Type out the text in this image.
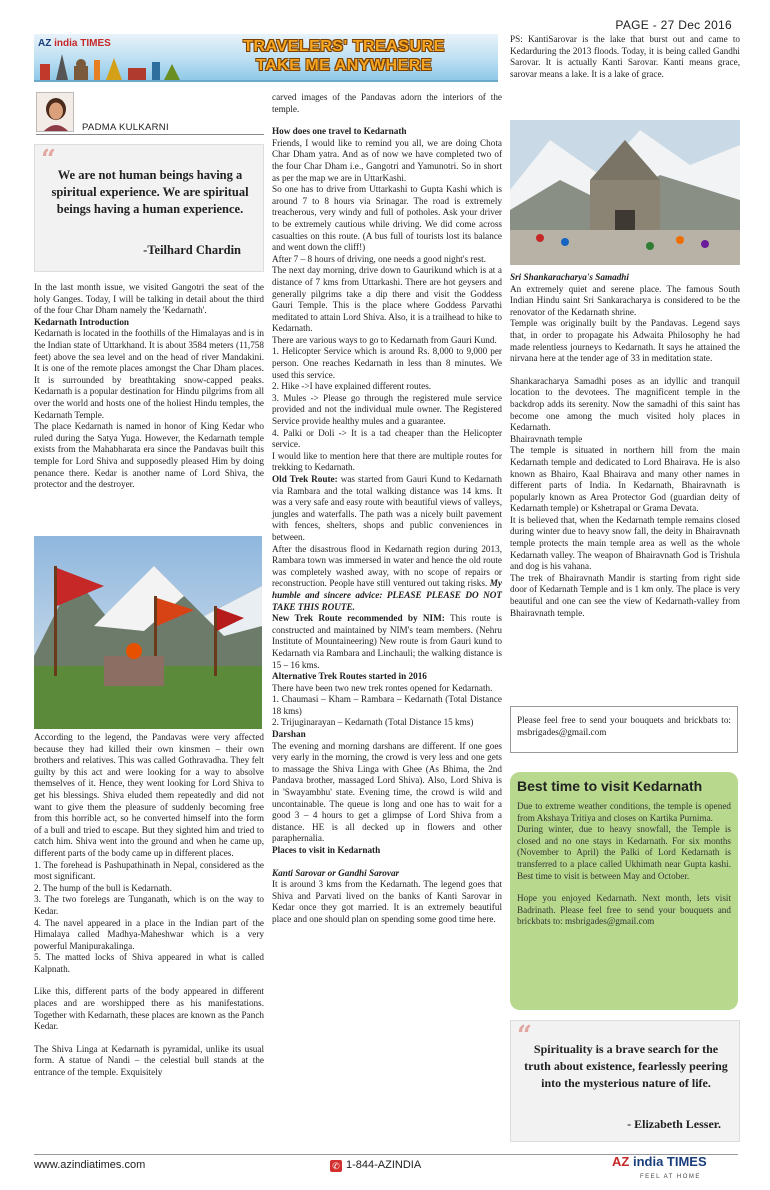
PAGE - 27 Dec 2016
AZ india TIMES	TRAVELERS' TREASURE
TAKE ME ANYWHERE
PADMA KULKARNI
“ We are not human beings having a spiritual experience. We are spiritual beings having a human experience.
-Teilhard Chardin

In the last month issue, we visited Gangotri the seat of the holy Ganges. Today, I will be talking in detail about the third of the four Char Dham namely the 'Kedarnath'.

Kedarnath Introduction

Kedarnath is located in the foothills of the Himalayas and is in the Indian state of Uttarkhand. It is about 3584 meters (11,758 feet) above the sea level and on the head of river Mandakini. It is one of the remote places amongst the Char Dham places. It is surrounded by breathtaking snow-capped peaks. Kedarnath is a popular destination for Hindu pilgrims from all over the world and hosts one of the holiest Hindu temples, the Kedarnath Temple.

The place Kedarnath is named in honor of King Kedar who ruled during the Satya Yuga. However, the Kedarnath temple exists from the Mahabharata era since the Pandavas built this temple for Lord Shiva and supposedly pleased Him by doing penance there. Kedar is another name of Lord Shiva, the protector and the destroyer.

According to the legend, the Pandavas were very affected because they had killed their own kinsmen – their own brothers and relatives. This was called Gothravadha. They felt guilty by this act and were looking for a way to absolve themselves of it. Hence, they went looking for Lord Shiva to get his blessings. Shiva eluded them repeatedly and did not want to give them the pleasure of suddenly becoming free from this horrible act, so he converted himself into the form of a bull and tried to escape. But they sighted him and tried to catch him. Shiva went into the ground and when he came up, different parts of the body came up in different places.

1. The forehead is Pashupathinath in Nepal, considered as the most significant.

2. The hump of the bull is Kedarnath.

3. The two forelegs are Tunganath, which is on the way to Kedar.

4. The navel appeared in a place in the Indian part of the Himalaya called Madhya-Maheshwar which is a very powerful Manipurakalinga.

5. The matted locks of Shiva appeared in what is called Kalpnath.

Like this, different parts of the body appeared in different places and are worshipped there as his manifestations. Together with Kedarnath, these places are known as the Panch Kedar.

The Shiva Linga at Kedarnath is pyramidal, unlike its usual form. A statue of Nandi – the celestial bull stands at the entrance of the temple. Exquisitely

carved images of the Pandavas adorn the interiors of the temple.

How does one travel to Kedarnath

Friends, I would like to remind you all, we are doing Chota Char Dham yatra. And as of now we have completed two of the four Char Dham i.e., Gangotri and Yamunotri. So in short as per the map we are in UttarKashi.

So one has to drive from Uttarkashi to Gupta Kashi which is around 7 to 8 hours via Srinagar. The road is extremely treacherous, very windy and full of potholes. Ask your driver to be extremely cautious while driving. We did come across casualties on this route. (A bus full of tourists lost its balance and went down the cliff!)

After 7 – 8 hours of driving, one needs a good night's rest.

The next day morning, drive down to Gaurikund which is at a distance of 7 kms from Uttarkashi. There are hot geysers and generally pilgrims take a dip there and visit the Goddess Gauri Temple. This is the place where Goddess Parvathi meditated to attain Lord Shiva. Also, it is a trailhead to hike to Kedarnath.

There are various ways to go to Kedarnath from Gauri Kund.

1. Helicopter Service which is around Rs. 8,000 to 9,000 per person. One reaches Kedarnath in less than 8 minutes. We used this service.

2. Hike ->I have explained different routes.

3. Mules -> Please go through the registered mule service provided and not the individual mule owner. The Registered Service provide healthy mules and a guarantee.

4. Palki or Doli -> It is a tad cheaper than the Helicopter service.

I would like to mention here that there are multiple routes for trekking to Kedarnath.

Old Trek Route: was started from Gauri Kund to Kedarnath via Rambara and the total walking distance was 14 kms. It was a very safe and easy route with beautiful views of valleys, jungles and waterfalls. The path was a nicely built pavement with fences, shelters, shops and public conveniences in between.

After the disastrous flood in Kedarnath region during 2013, Rambara town was immersed in water and hence the old route was completely washed away, with no scope of repairs or reconstruction. People have still ventured out taking risks. My humble and sincere advice: PLEASE PLEASE DO NOT TAKE THIS ROUTE.

New Trek Route recommended by NIM: This route is constructed and maintained by NIM's team members. (Nehru Institute of Mountaineering) New route is from Gauri kund to Kedarnath via Rambara and Linchauli; the walking distance is 15 – 16 kms.

Alternative Trek Routes started in 2016

There have been two new trek rontes opened for Kedarnath.

1. Chaumasi – Kham – Rambara – Kedarnath (Total Distance 18 kms)

2. Trijuginarayan – Kedarnath (Total Distance 15 kms)

Darshan

The evening and morning darshans are different. If one goes very early in the morning, the crowd is very less and one gets to massage the Shiva Linga with Ghee (As Bhima, the 2nd Pandava brother, massaged Lord Shiva). Also, Lord Shiva is in 'Swayambhu' state. Evening time, the crowd is wild and uncontainable. The queue is long and one has to wait for a good 3 – 4 hours to get a glimpse of Lord Shiva from a distance. HE is all decked up in flowers and other paraphernalia.

Places to visit in Kedarnath

Kanti Sarovar or Gandhi Sarovar

It is around 3 kms from the Kedarnath. The legend goes that Shiva and Parvati lived on the banks of Kanti Sarovar in Kedar once they got married. It is an extremely beautiful place and one should plan on spending some good time here.

PS: KantiSarovar is the lake that burst out and came to Kedarduring the 2013 floods. Today, it is being called Gandhi Sarovar. It is actually Kanti Sarovar. Kanti means grace, sarovar means a lake. It is a lake of grace.

Sri Shankaracharya's Samadhi

An extremely quiet and serene place. The famous South Indian Hindu saint Sri Sankaracharya is considered to be the renovator of the Kedarnath shrine.

Temple was originally built by the Pandavas. Legend says that, in order to propagate his Adwaita Philosophy he had made relentless journeys to Kedarnath. It says he attained the nirvana here at the tender age of 33 in meditation state.

Shankaracharya Samadhi poses as an idyllic and tranquil location to the devotees. The magnificent temple in the backdrop adds its serenity. Now the samadhi of this saint has become one among the much visited holy places in Kedarnath.

Bhairavnath temple

The temple is situated in northern hill from the main Kedarnath temple and dedicated to Lord Bhairava. He is also known as Bhairo, Kaal Bhairava and many other names in different parts of India. In Kedarnath, Bhairavnath is popularly known as Area Protector God (guardian deity of Kedarnath temple) or Kshetrapal or Grama Devata.

It is believed that, when the Kedarnath temple remains closed during winter due to heavy snow fall, the deity in Bhairavnath temple protects the main temple area as well as the whole Kedarnath valley. The weapon of Bhairavnath God is Trishula and dog is his vahana.

The trek of Bhairavnath Mandir is starting from right side door of Kedarnath Temple and is 1 km only. The place is very beautiful and one can see the view of Kedarnath-valley from Bhairavnath temple.

Please feel free to send your bouquets and brickbats to: msbrigades@gmail.com

Best time to visit Kedarnath

Due to extreme weather conditions, the temple is opened from Akshaya Tritiya and closes on Kartika Purnima.

During winter, due to heavy snowfall, the Temple is closed and no one stays in Kedarnath. For six months (November to April) the Palki of Lord Kedarnath is transferred to a place called Ukhimath near Gupta kashi. Best time to visit is between May and October.

Hope you enjoyed Kedarnath. Next month, lets visit Badrinath. Please feel free to send your bouquets and brickbats to: msbrigades@gmail.com

“ Spirituality is a brave search for the truth about existence, fearlessly peering into the mysterious nature of life.
- Elizabeth Lesser.
www.azindiatimes.com	✆ 1-844-AZINDIA	AZ india TIMES
FEEL AT HOME
